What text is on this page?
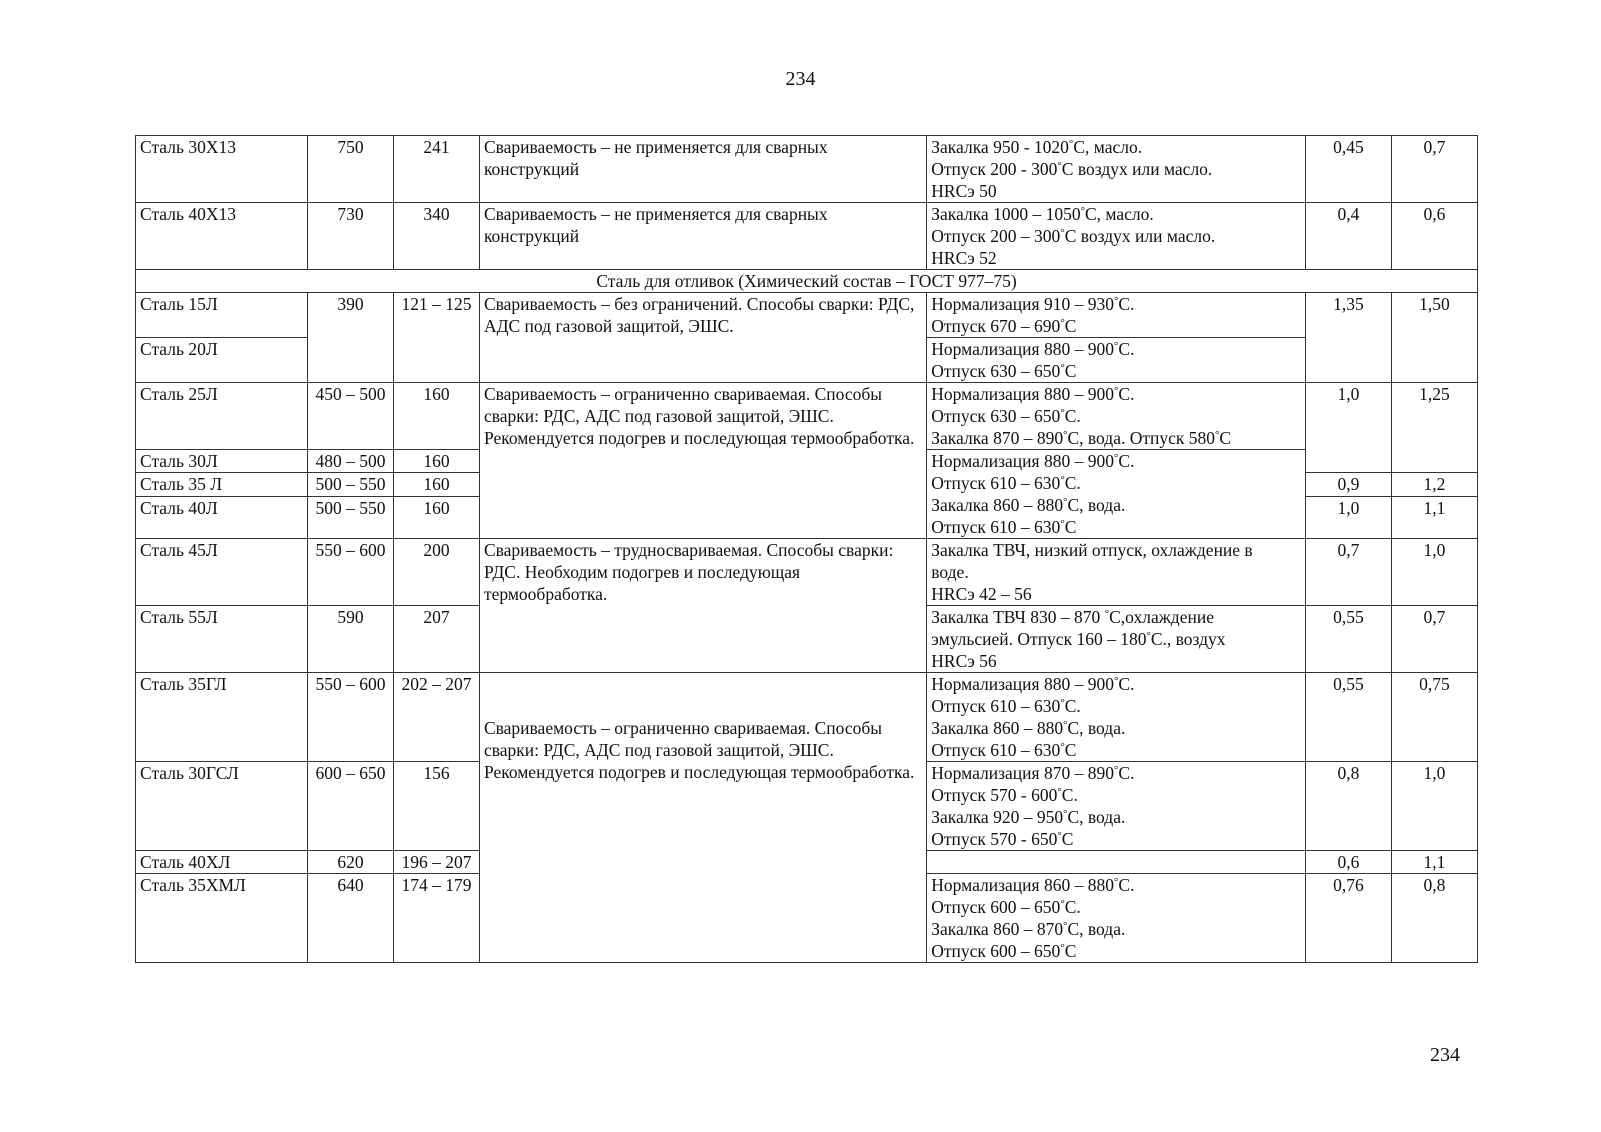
234
Сталь 30Х13	750	241	Свариваемость – не применяется для сварных конструкций	Закалка 950 - 1020°С, масло.
Отпуск 200 - 300°С воздух или масло.
HRCэ 50	0,45	0,7
Сталь 40Х13	730	340	Свариваемость – не применяется для сварных конструкций	Закалка 1000 – 1050°С, масло.
Отпуск 200 – 300°С воздух или масло.
HRCэ 52	0,4	0,6
Сталь для отливок (Химический состав – ГОСТ 977–75)						
Сталь 15Л	390	121 – 125	Свариваемость – без ограничений. Способы сварки: РДС, АДС под газовой защитой, ЭШС.	Нормализация 910 – 930°С.
Отпуск 670 – 690°С	1,35	1,50
Сталь 20Л				Нормализация 880 – 900°С.
Отпуск 630 – 650°С		

Сталь 25Л	450 – 500	160	Свариваемость – ограниченно свариваемая. Способы сварки: РДС, АДС под газовой защитой, ЭШС. Рекомендуется подогрев и последующая термообработка.	Нормализация 880 – 900°С.
Отпуск 630 – 650°С.
Закалка 870 – 890°С, вода. Отпуск 580°С	1,0	1,25
Сталь 30Л	480 – 500	160		Нормализация 880 – 900°С.
Отпуск 610 – 630°С.
Закалка 860 – 880°С, вода.
Отпуск 610 – 630°С		

Сталь 35 Л	500 – 550	160			0,9	1,2
Сталь 40Л	500 – 550	160			1,0	1,1
Сталь 45Л	550 – 600	200	Свариваемость – трудносвариваемая. Способы сварки: РДС. Необходим подогрев и последующая термообработка.	Закалка ТВЧ, низкий отпуск, охлаждение в
воде.
HRCэ 42 – 56	0,7	1,0
Сталь 55Л	590	207		Закалка ТВЧ 830 – 870 °С,охлаждение
эмульсией. Отпуск 160 – 180°С., воздух
HRCэ 56	0,55	0,7
Сталь 35ГЛ	550 – 600	202 – 207	Свариваемость – ограниченно свариваемая. Способы сварки: РДС, АДС под газовой защитой, ЭШС. Рекомендуется подогрев и последующая термообработка.	Нормализация 880 – 900°С.
Отпуск 610 – 630°С.
Закалка 860 – 880°С, вода.
Отпуск 610 – 630°С	0,55	0,75
Сталь 30ГСЛ	600 – 650	156		Нормализация 870 – 890°С.
Отпуск 570 - 600°С.
Закалка 920 – 950°С, вода.
Отпуск 570 - 650°С	0,8	1,0
Сталь 40ХЛ	620	196 – 207			0,6	1,1
Сталь 35ХМЛ	640	174 – 179		Нормализация 860 – 880°С.
Отпуск 600 – 650°С.
Закалка 860 – 870°С, вода.
Отпуск 600 – 650°С	0,76	0,8
234
